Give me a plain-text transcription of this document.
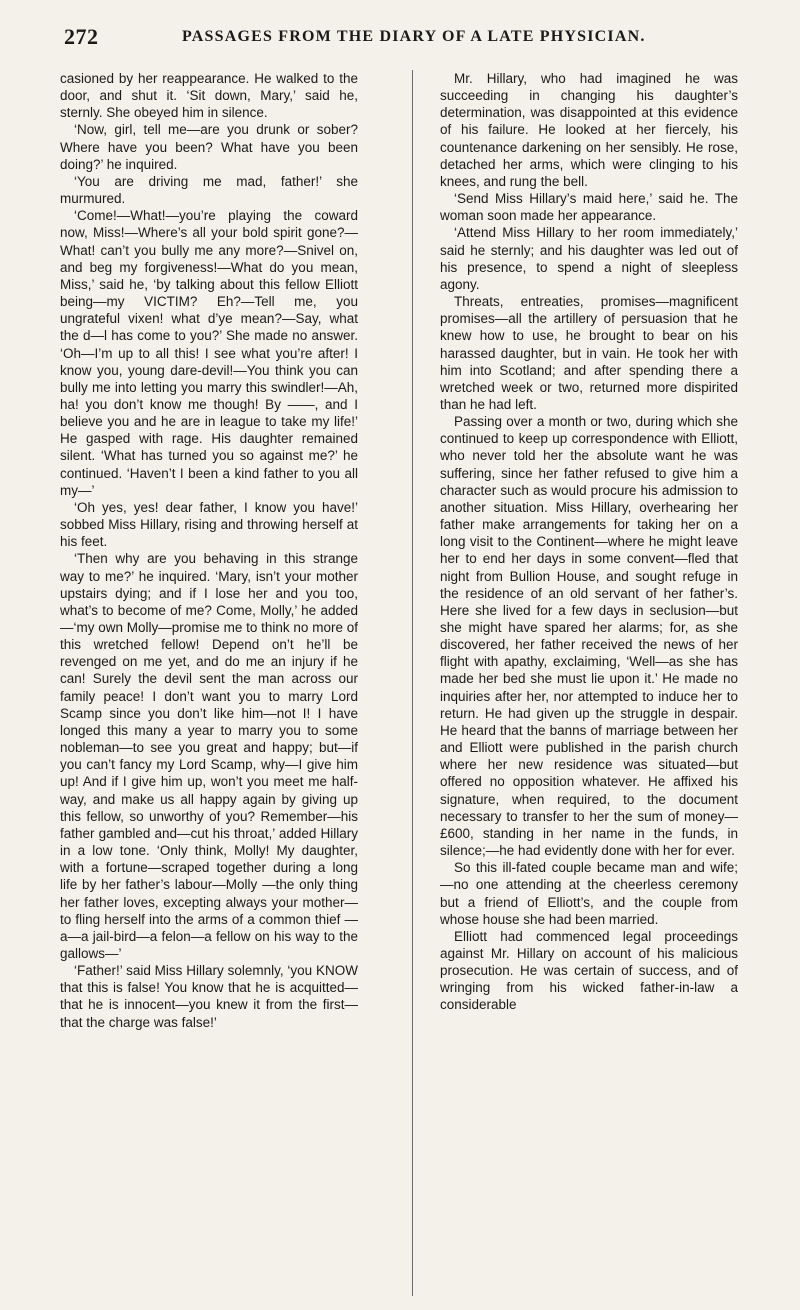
272	PASSAGES FROM THE DIARY OF A LATE PHYSICIAN.

casioned by her reappearance. He walked to the door, and shut it. ‘Sit down, Mary,’ said he, sternly. She obeyed him in silence.

‘Now, girl, tell me—are you drunk or sober? Where have you been? What have you been doing?’ he inquired.

‘You are driving me mad, father!’ she murmured.

‘Come!—What!—you’re playing the coward now, Miss!—Where’s all your bold spirit gone?—What! can’t you bully me any more?—Snivel on, and beg my forgiveness!—What do you mean, Miss,’ said he, ‘by talking about this fellow Elliott being—my VICTIM? Eh?—Tell me, you ungrateful vixen! what d’ye mean?—Say, what the d—l has come to you?’ She made no answer. ‘Oh—I’m up to all this! I see what you’re after! I know you, young dare-devil!—You think you can bully me into letting you marry this swindler!—Ah, ha! you don’t know me though! By ——, and I believe you and he are in league to take my life!’ He gasped with rage. His daughter remained silent. ‘What has turned you so against me?’ he continued. ‘Haven’t I been a kind father to you all my—’

‘Oh yes, yes! dear father, I know you have!’ sobbed Miss Hillary, rising and throwing herself at his feet.

‘Then why are you behaving in this strange way to me?’ he inquired. ‘Mary, isn’t your mother upstairs dying; and if I lose her and you too, what’s to become of me? Come, Molly,’ he added —‘my own Molly—promise me to think no more of this wretched fellow! Depend on’t he’ll be revenged on me yet, and do me an injury if he can! Surely the devil sent the man across our family peace! I don’t want you to marry Lord Scamp since you don’t like him—not I! I have longed this many a year to marry you to some nobleman—to see you great and happy; but—if you can’t fancy my Lord Scamp, why—I give him up! And if I give him up, won’t you meet me half-way, and make us all happy again by giving up this fellow, so unworthy of you? Remember—his father gambled and—cut his throat,’ added Hillary in a low tone. ‘Only think, Molly! My daughter, with a fortune—scraped together during a long life by her father’s labour—Molly —the only thing her father loves, excepting always your mother—to fling herself into the arms of a common thief —a—a jail-bird—a felon—a fellow on his way to the gallows—’

‘Father!’ said Miss Hillary solemnly, ‘you KNOW that this is false! You know that he is acquitted—that he is innocent—you knew it from the first—that the charge was false!’

Mr. Hillary, who had imagined he was succeeding in changing his daughter’s determination, was disappointed at this evidence of his failure. He looked at her fiercely, his countenance darkening on her sensibly. He rose, detached her arms, which were clinging to his knees, and rung the bell.

‘Send Miss Hillary’s maid here,’ said he. The woman soon made her appearance.

‘Attend Miss Hillary to her room immediately,’ said he sternly; and his daughter was led out of his presence, to spend a night of sleepless agony.

Threats, entreaties, promises—magnificent promises—all the artillery of persuasion that he knew how to use, he brought to bear on his harassed daughter, but in vain. He took her with him into Scotland; and after spending there a wretched week or two, returned more dispirited than he had left.

Passing over a month or two, during which she continued to keep up correspondence with Elliott, who never told her the absolute want he was suffering, since her father refused to give him a character such as would procure his admission to another situation. Miss Hillary, overhearing her father make arrangements for taking her on a long visit to the Continent—where he might leave her to end her days in some convent—fled that night from Bullion House, and sought refuge in the residence of an old servant of her father’s. Here she lived for a few days in seclusion—but she might have spared her alarms; for, as she discovered, her father received the news of her flight with apathy, exclaiming, ‘Well—as she has made her bed she must lie upon it.’ He made no inquiries after her, nor attempted to induce her to return. He had given up the struggle in despair. He heard that the banns of marriage between her and Elliott were published in the parish church where her new residence was situated—but offered no opposition whatever. He affixed his signature, when required, to the document necessary to transfer to her the sum of money—£600, standing in her name in the funds, in silence;—he had evidently done with her for ever.

So this ill-fated couple became man and wife;—no one attending at the cheerless ceremony but a friend of Elliott’s, and the couple from whose house she had been married.

Elliott had commenced legal proceedings against Mr. Hillary on account of his malicious prosecution. He was certain of success, and of wringing from his wicked father-in-law a considerable
